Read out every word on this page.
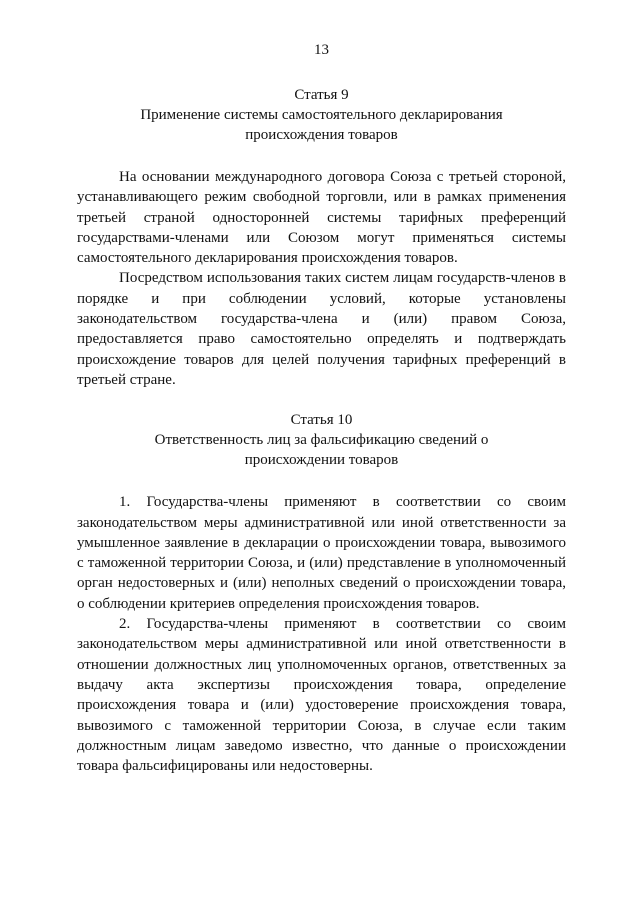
13
Статья 9
Применение системы самостоятельного декларирования происхождения товаров

На основании международного договора Союза с третьей стороной, устанавливающего режим свободной торговли, или в рамках применения третьей страной односторонней системы тарифных преференций государствами-членами или Союзом могут применяться системы самостоятельного декларирования происхождения товаров.

Посредством использования таких систем лицам государств-членов в порядке и при соблюдении условий, которые установлены законодательством государства-члена и (или) правом Союза, предоставляется право самостоятельно определять и подтверждать происхождение товаров для целей получения тарифных преференций в третьей стране.

Статья 10
Ответственность лиц за фальсификацию сведений о происхождении товаров

1. Государства-члены применяют в соответствии со своим законодательством меры административной или иной ответственности за умышленное заявление в декларации о происхождении товара, вывозимого с таможенной территории Союза, и (или) представление в уполномоченный орган недостоверных и (или) неполных сведений о происхождении товара, о соблюдении критериев определения происхождения товаров.

2. Государства-члены применяют в соответствии со своим законодательством меры административной или иной ответственности в отношении должностных лиц уполномоченных органов, ответственных за выдачу акта экспертизы происхождения товара, определение происхождения товара и (или) удостоверение происхождения товара, вывозимого с таможенной территории Союза, в случае если таким должностным лицам заведомо известно, что данные о происхождении товара фальсифицированы или недостоверны.
